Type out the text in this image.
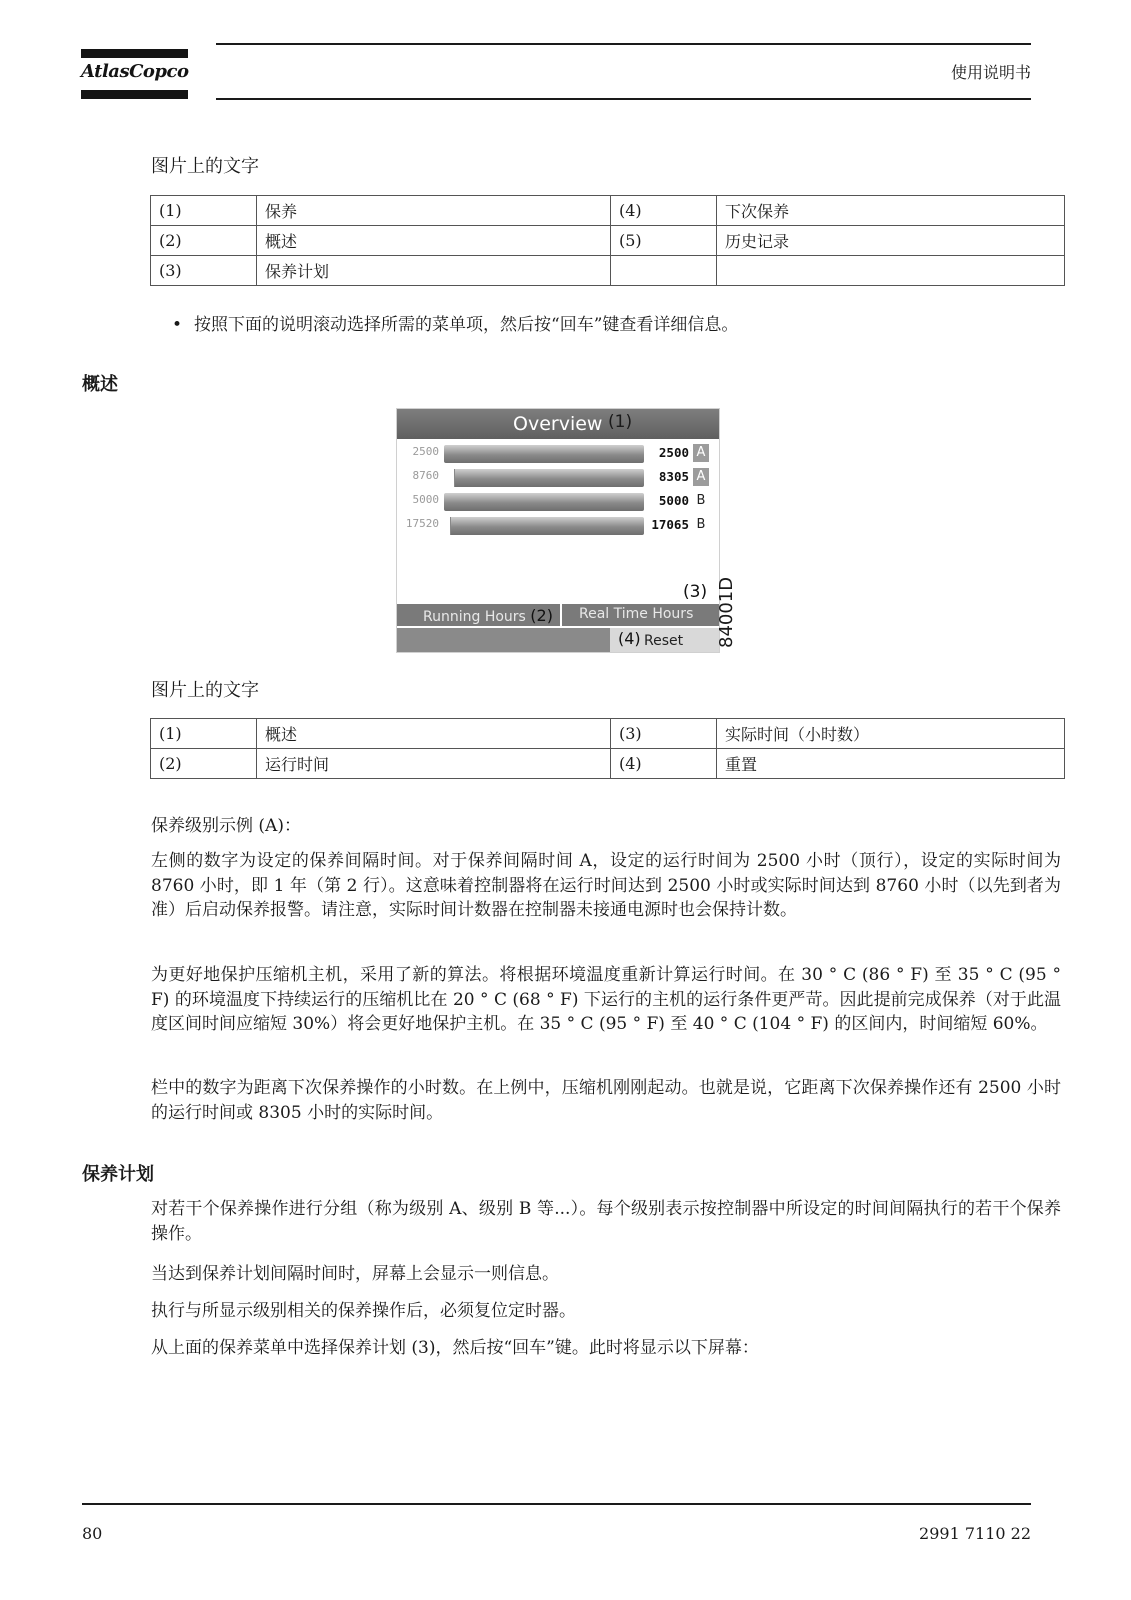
AtlasCopco	使用说明书
图片上的文字
(1)	保养	(4)	下次保养
(2)	概述	(5)	历史记录
(3)	保养计划		
• 按照下面的说明滚动选择所需的菜单项，然后按“回车”键查看详细信息。
概述
Overview (1)
2500	2500 A
8760	8305 A
5000	5000 B
17520	17065 B
(3)
Running Hours (2) Real Time Hours
(4) Reset 84001D
图片上的文字
(1)	概述	(3)	实际时间（小时数）
(2)	运行时间	(4)	重置
保养级别示例 (A)：
左侧的数字为设定的保养间隔时间。对于保养间隔时间 A，设定的运行时间为 2500 小时（顶行），设定的实际时间为 8760 小时，即 1 年（第 2 行）。这意味着控制器将在运行时间达到 2500 小时或实际时间达到 8760 小时（以先到者为准）后启动保养报警。请注意，实际时间计数器在控制器未接通电源时也会保持计数。
为更好地保护压缩机主机，采用了新的算法。将根据环境温度重新计算运行时间。在 30 ° C (86 ° F) 至 35 ° C (95 ° F) 的环境温度下持续运行的压缩机比在 20 ° C (68 ° F) 下运行的主机的运行条件更严苛。因此提前完成保养（对于此温度区间时间应缩短 30%）将会更好地保护主机。在 35 ° C (95 ° F) 至 40 ° C (104 ° F) 的区间内，时间缩短 60%。
栏中的数字为距离下次保养操作的小时数。在上例中，压缩机刚刚起动。也就是说，它距离下次保养操作还有 2500 小时的运行时间或 8305 小时的实际时间。
保养计划
对若干个保养操作进行分组（称为级别 A、级别 B 等...）。每个级别表示按控制器中所设定的时间间隔执行的若干个保养操作。
当达到保养计划间隔时间时，屏幕上会显示一则信息。
执行与所显示级别相关的保养操作后，必须复位定时器。
从上面的保养菜单中选择保养计划 (3)，然后按“回车”键。此时将显示以下屏幕：
80	2991 7110 22
